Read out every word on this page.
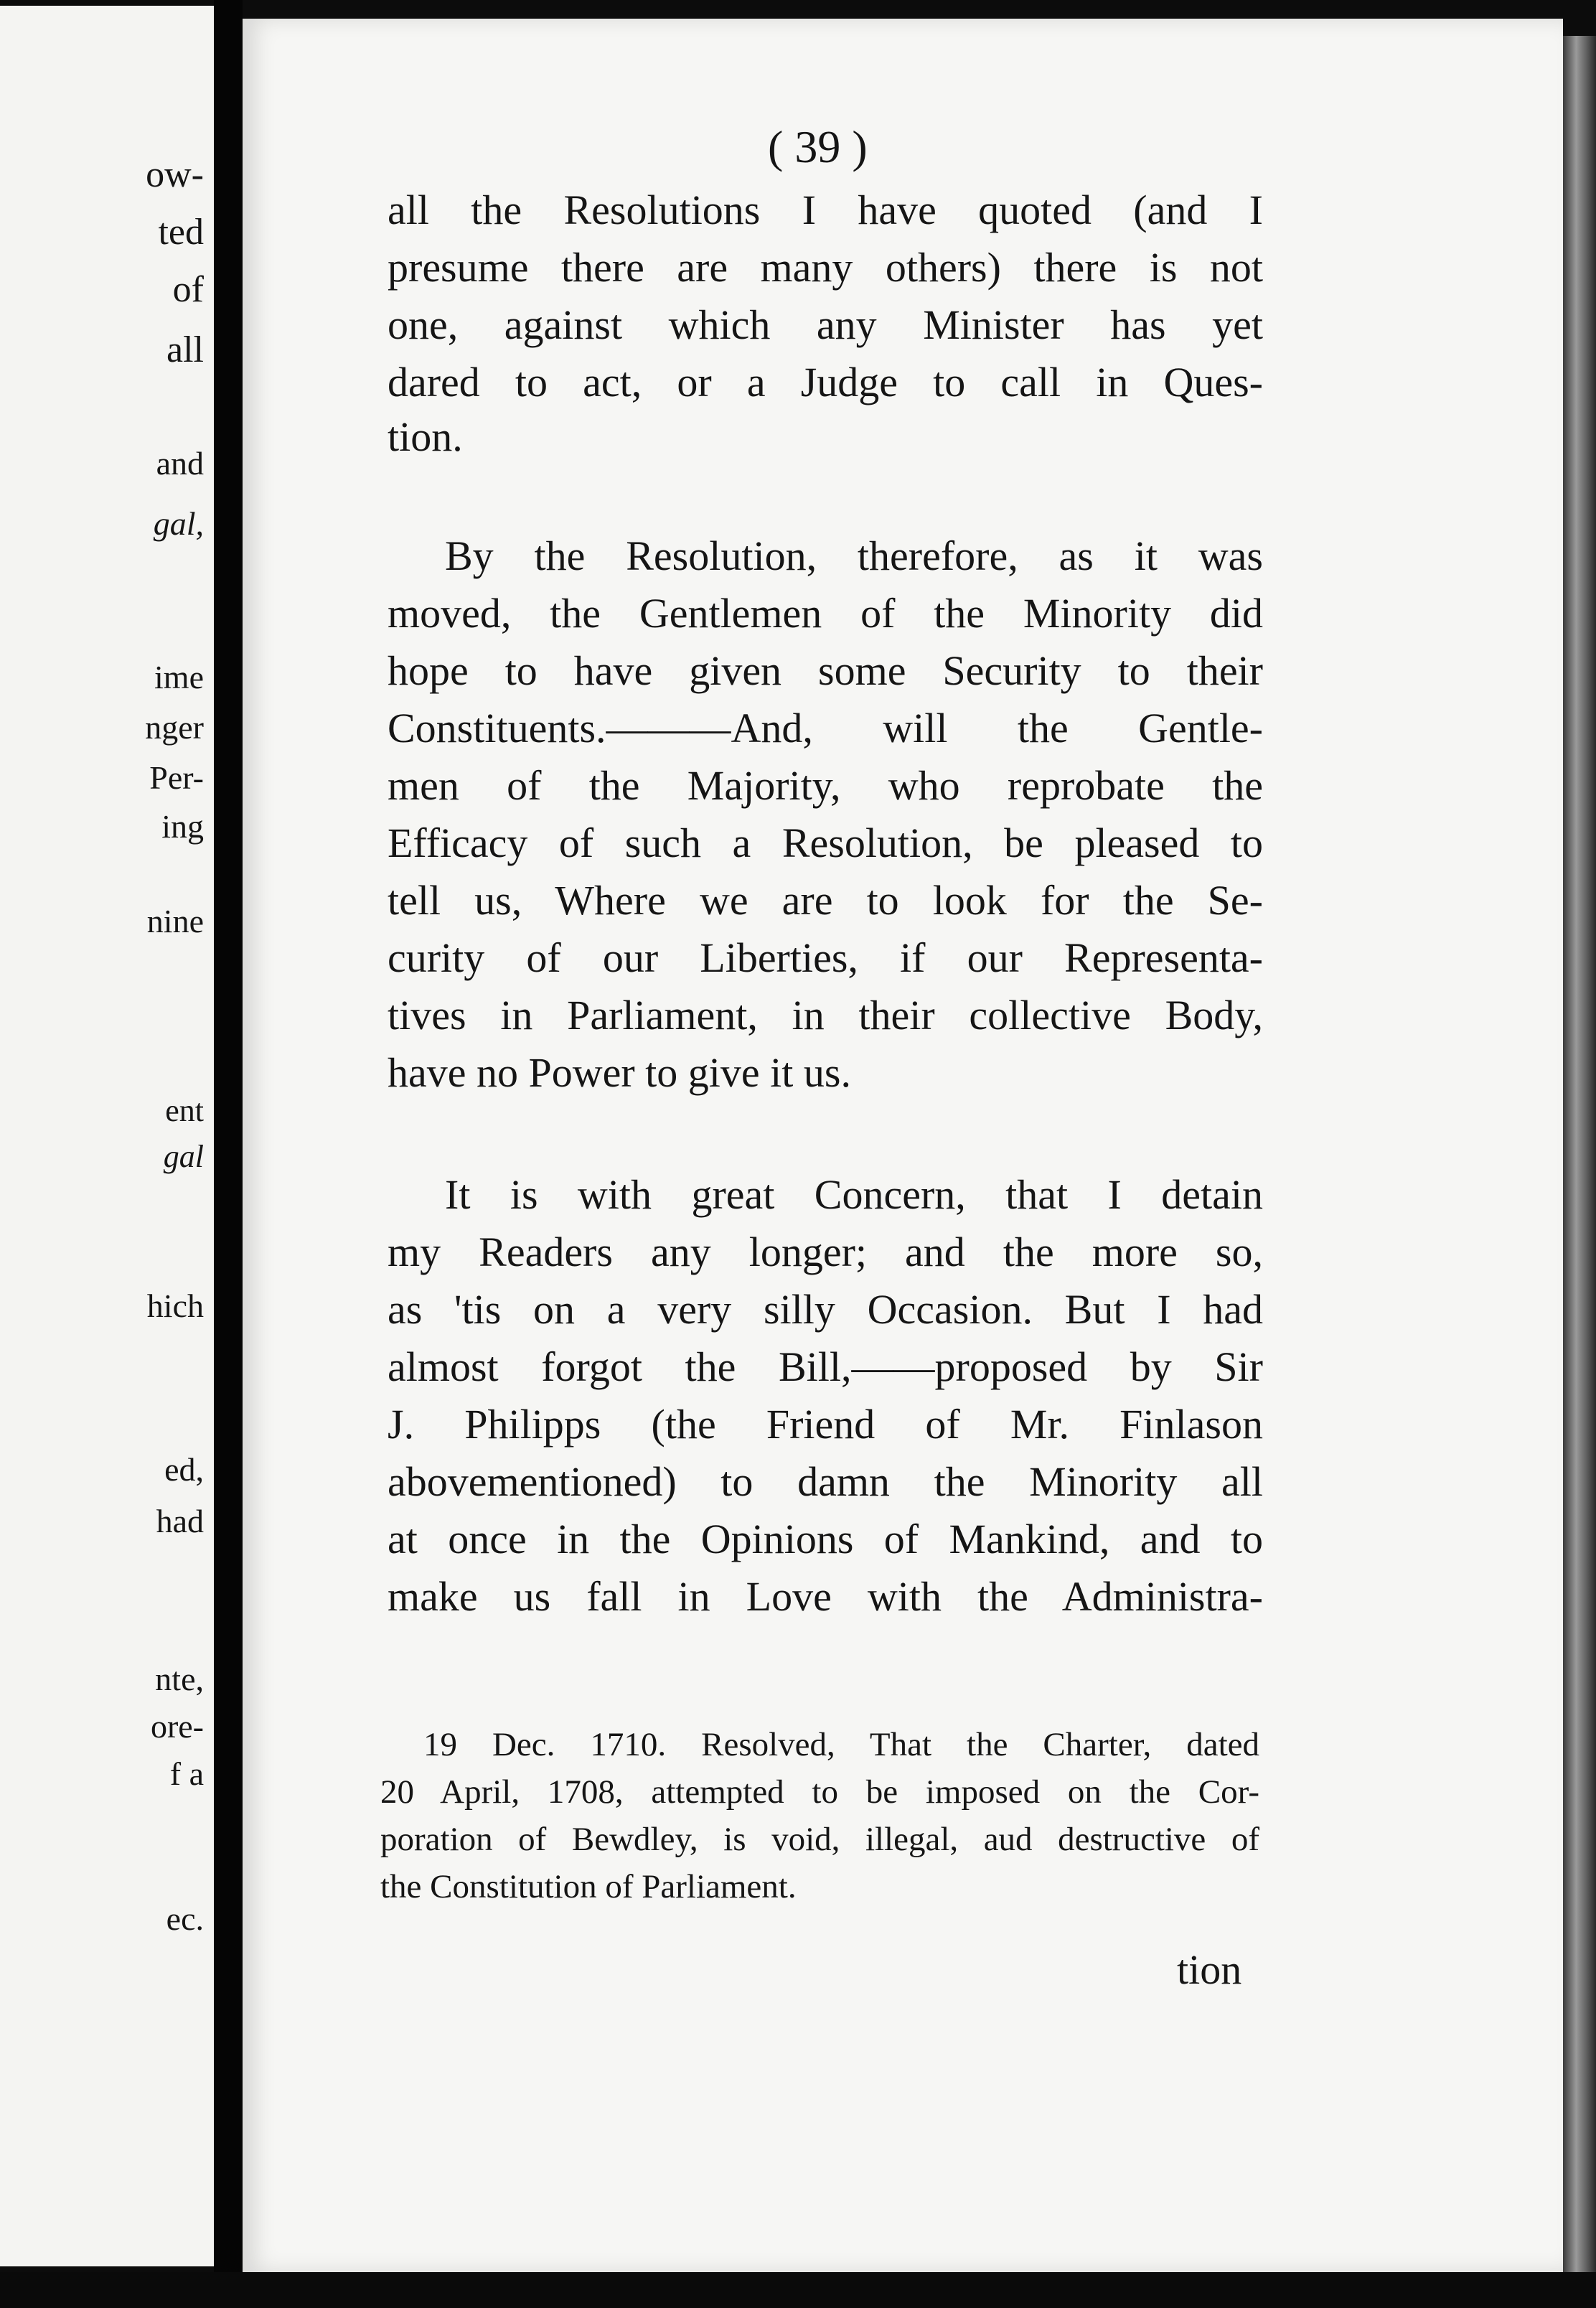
ow-
ted
of
all
and
gal,
ime
nger
Per-
ing
nine
ent
gal
hich
ed,
had
nte,
ore-
f a
ec.
( 39 )
all the Resolutions I have quoted (and I
presume there are many others) there is not
one, against which any Minister has yet
dared to act, or a Judge to call in Ques-
tion.
By the Resolution, therefore, as it was
moved, the Gentlemen of the Minority did
hope to have given some Security to their
Constituents.———And, will the Gentle-
men of the Majority, who reprobate the
Efficacy of such a Resolution, be pleased to
tell us, Where we are to look for the Se-
curity of our Liberties, if our Representa-
tives in Parliament, in their collective Body,
have no Power to give it us.
It is with great Concern, that I detain
my Readers any longer; and the more so,
as 'tis on a very silly Occasion. But I had
almost forgot the Bill,——proposed by Sir
J. Philipps (the Friend of Mr. Finlason
abovementioned) to damn the Minority all
at once in the Opinions of Mankind, and to
make us fall in Love with the Administra-
19 Dec. 1710. Resolved, That the Charter, dated
20 April, 1708, attempted to be imposed on the Cor-
poration of Bewdley, is void, illegal, aud destructive of
the Constitution of Parliament.
tion
